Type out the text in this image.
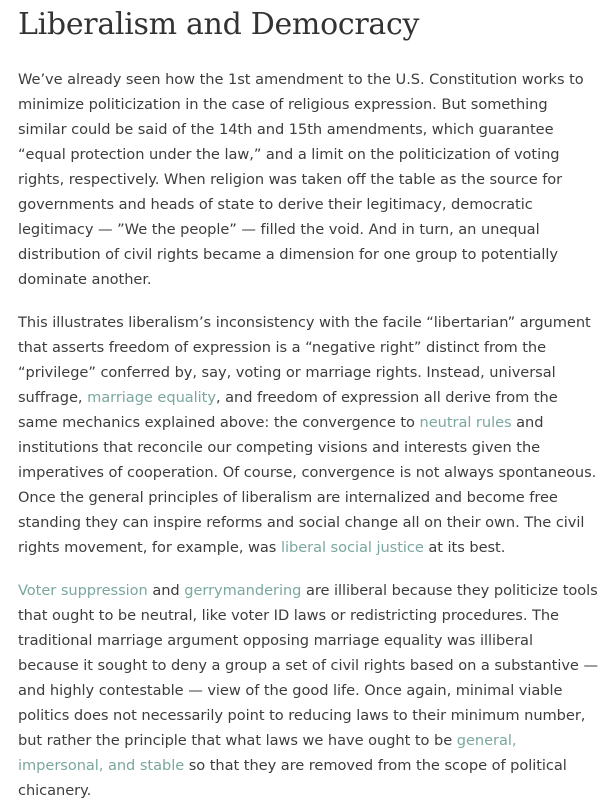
Liberalism and Democracy

We’ve already seen how the 1st amendment to the U.S. Constitution works to minimize politicization in the case of religious expression. But something similar could be said of the 14th and 15th amendments, which guarantee “equal protection under the law,” and a limit on the politicization of voting rights, respectively. When religion was taken off the table as the source for governments and heads of state to derive their legitimacy, democratic legitimacy — ”We the people” — filled the void. And in turn, an unequal distribution of civil rights became a dimension for one group to potentially dominate another.

This illustrates liberalism’s inconsistency with the facile “libertarian” argument that asserts freedom of expression is a “negative right” distinct from the “privilege” conferred by, say, voting or marriage rights. Instead, universal suffrage, marriage equality, and freedom of expression all derive from the same mechanics explained above: the convergence to neutral rules and institutions that reconcile our competing visions and interests given the imperatives of cooperation. Of course, convergence is not always spontaneous. Once the general principles of liberalism are internalized and become free standing they can inspire reforms and social change all on their own. The civil rights movement, for example, was liberal social justice at its best.

Voter suppression and gerrymandering are illiberal because they politicize tools that ought to be neutral, like voter ID laws or redistricting procedures. The traditional marriage argument opposing marriage equality was illiberal because it sought to deny a group a set of civil rights based on a substantive — and highly contestable — view of the good life. Once again, minimal viable politics does not necessarily point to reducing laws to their minimum number, but rather the principle that what laws we have ought to be general, impersonal, and stable so that they are removed from the scope of political chicanery.
